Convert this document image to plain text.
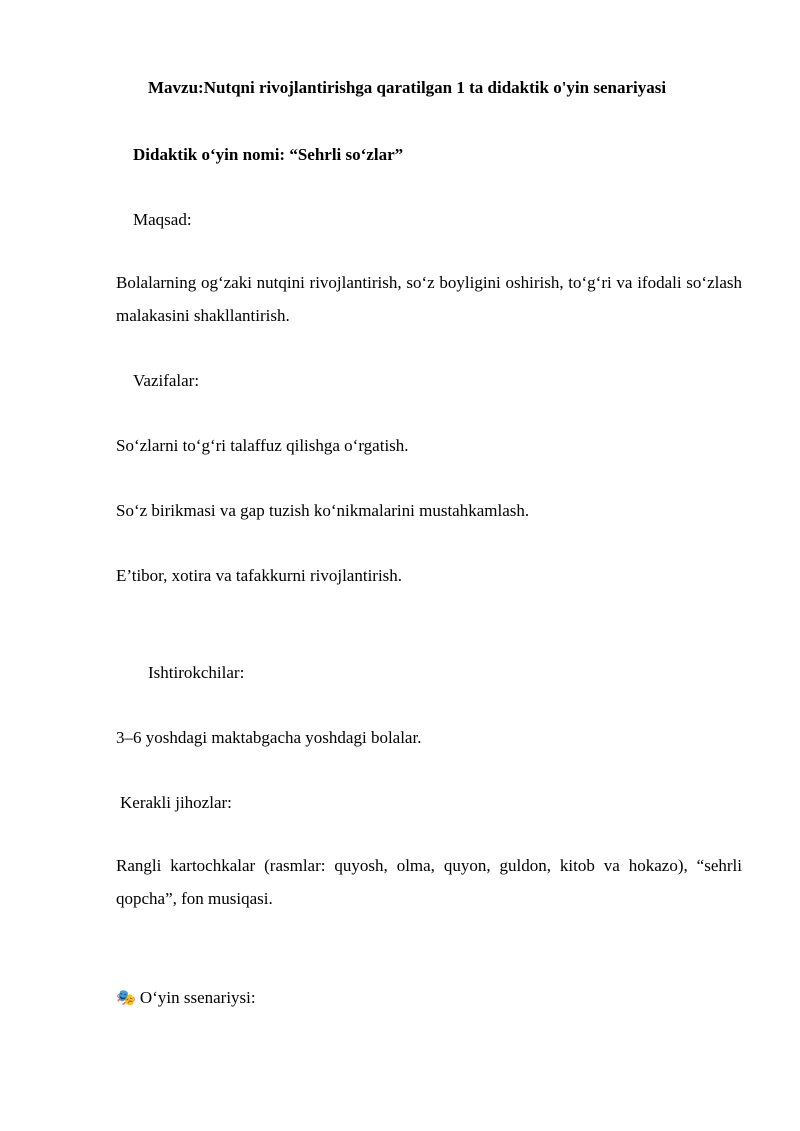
Mavzu:Nutqni rivojlantirishga qaratilgan 1 ta didaktik o'yin senariyasi
Didaktik o‘yin nomi: “Sehrli so‘zlar”
Maqsad:
Bolalarning og‘zaki nutqini rivojlantirish, so‘z boyligini oshirish, to‘g‘ri va ifodali so‘zlash malakasini shakllantirish.
Vazifalar:
So‘zlarni to‘g‘ri talaffuz qilishga o‘rgatish.
So‘z birikmasi va gap tuzish ko‘nikmalarini mustahkamlash.
E’tibor, xotira va tafakkurni rivojlantirish.
Ishtirokchilar:
3–6 yoshdagi maktabgacha yoshdagi bolalar.
Kerakli jihozlar:
Rangli kartochkalar (rasmlar: quyosh, olma, quyon, guldon, kitob va hokazo), “sehrli qopcha”, fon musiqasi.
🎭 O‘yin ssenariysi:
